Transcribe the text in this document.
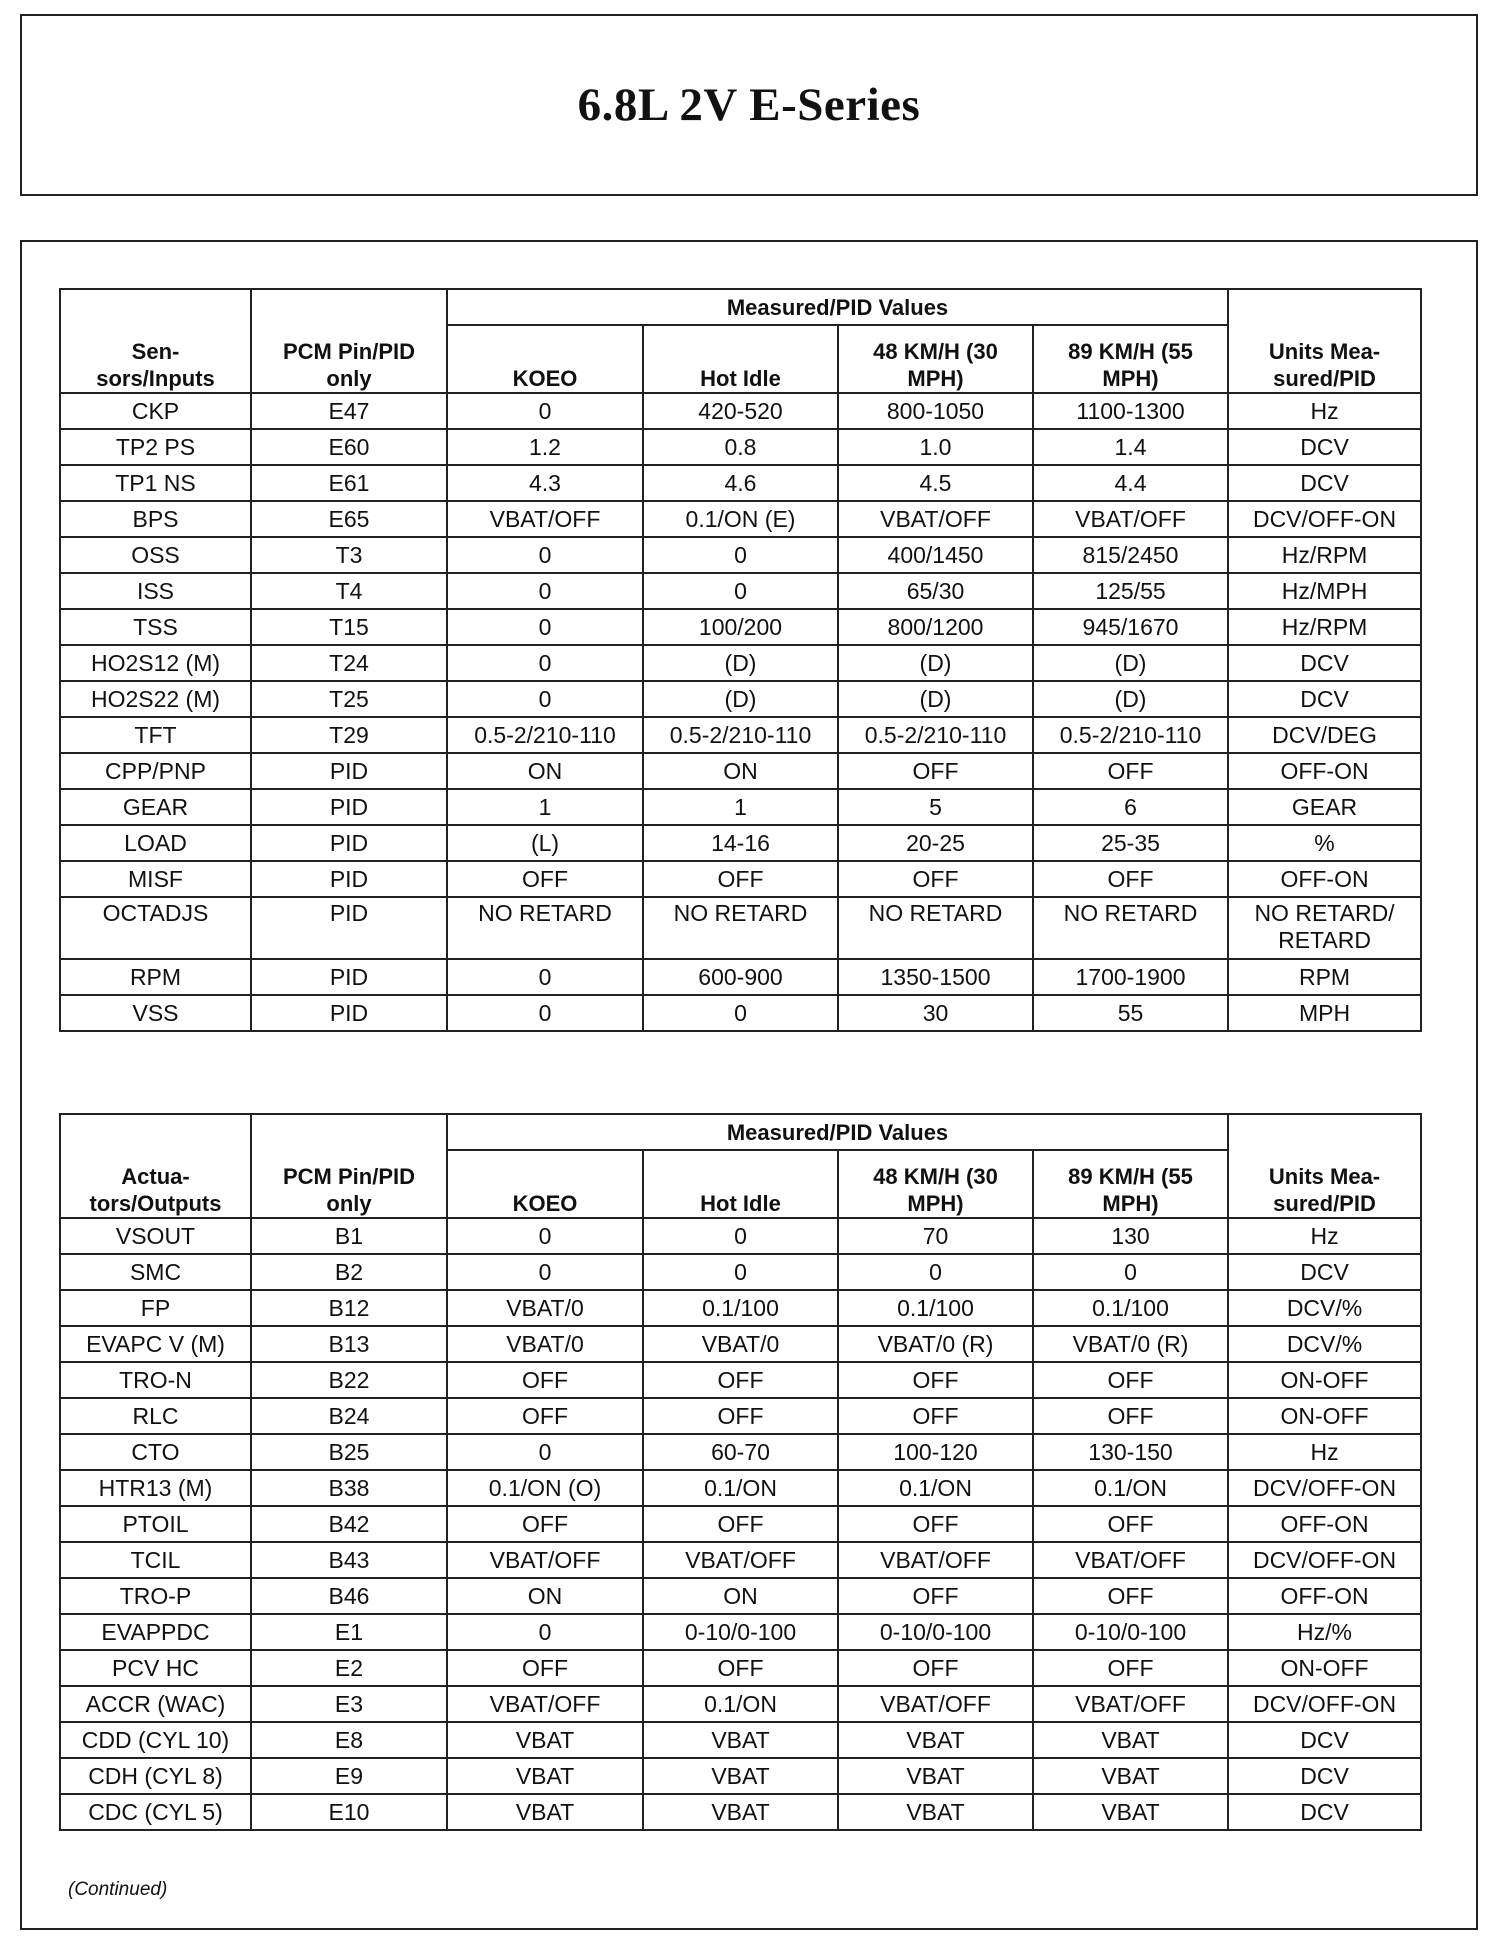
6.8L 2V E-Series
Sen-
sors/Inputs	PCM Pin/PID
only	Measured/PID Values				Units Mea-
sured/PID
		KOEO	Hot Idle	48 KM/H (30
MPH)	89 KM/H (55
MPH)	
CKP	E47	0	420-520	800-1050	1100-1300	Hz
TP2 PS	E60	1.2	0.8	1.0	1.4	DCV
TP1 NS	E61	4.3	4.6	4.5	4.4	DCV
BPS	E65	VBAT/OFF	0.1/ON (E)	VBAT/OFF	VBAT/OFF	DCV/OFF-ON
OSS	T3	0	0	400/1450	815/2450	Hz/RPM
ISS	T4	0	0	65/30	125/55	Hz/MPH
TSS	T15	0	100/200	800/1200	945/1670	Hz/RPM
HO2S12 (M)	T24	0	(D)	(D)	(D)	DCV
HO2S22 (M)	T25	0	(D)	(D)	(D)	DCV
TFT	T29	0.5-2/210-110	0.5-2/210-110	0.5-2/210-110	0.5-2/210-110	DCV/DEG
CPP/PNP	PID	ON	ON	OFF	OFF	OFF-ON
GEAR	PID	1	1	5	6	GEAR
LOAD	PID	(L)	14-16	20-25	25-35	%
MISF	PID	OFF	OFF	OFF	OFF	OFF-ON
OCTADJS	PID	NO RETARD	NO RETARD	NO RETARD	NO RETARD	NO RETARD/
RETARD
RPM	PID	0	600-900	1350-1500	1700-1900	RPM
VSS	PID	0	0	30	55	MPH
Actua-
tors/Outputs	PCM Pin/PID
only	Measured/PID Values				Units Mea-
sured/PID
		KOEO	Hot Idle	48 KM/H (30
MPH)	89 KM/H (55
MPH)	
VSOUT	B1	0	0	70	130	Hz
SMC	B2	0	0	0	0	DCV
FP	B12	VBAT/0	0.1/100	0.1/100	0.1/100	DCV/%
EVAPC V (M)	B13	VBAT/0	VBAT/0	VBAT/0 (R)	VBAT/0 (R)	DCV/%
TRO-N	B22	OFF	OFF	OFF	OFF	ON-OFF
RLC	B24	OFF	OFF	OFF	OFF	ON-OFF
CTO	B25	0	60-70	100-120	130-150	Hz
HTR13 (M)	B38	0.1/ON (O)	0.1/ON	0.1/ON	0.1/ON	DCV/OFF-ON
PTOIL	B42	OFF	OFF	OFF	OFF	OFF-ON
TCIL	B43	VBAT/OFF	VBAT/OFF	VBAT/OFF	VBAT/OFF	DCV/OFF-ON
TRO-P	B46	ON	ON	OFF	OFF	OFF-ON
EVAPPDC	E1	0	0-10/0-100	0-10/0-100	0-10/0-100	Hz/%
PCV HC	E2	OFF	OFF	OFF	OFF	ON-OFF
ACCR (WAC)	E3	VBAT/OFF	0.1/ON	VBAT/OFF	VBAT/OFF	DCV/OFF-ON
CDD (CYL 10)	E8	VBAT	VBAT	VBAT	VBAT	DCV
CDH (CYL 8)	E9	VBAT	VBAT	VBAT	VBAT	DCV
CDC (CYL 5)	E10	VBAT	VBAT	VBAT	VBAT	DCV
(Continued)
